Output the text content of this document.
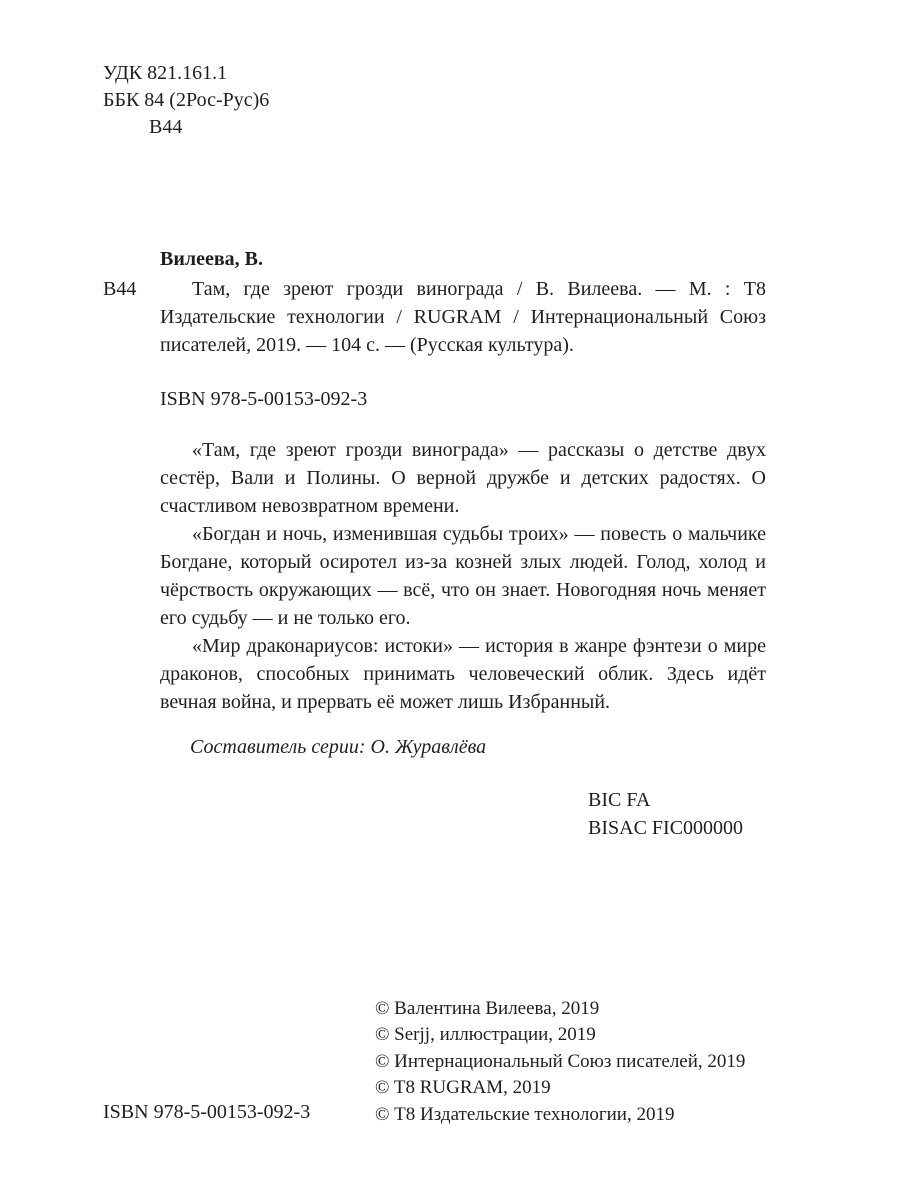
УДК 821.161.1
ББК 84 (2Рос-Рус)6
В44
Вилеева, В.
В44	Там, где зреют грозди винограда / В. Вилеева. — М. : Т8 Издательские технологии / RUGRAM / Интернациональный Союз писателей, 2019. — 104 с. — (Русская культура).
ISBN 978-5-00153-092-3

«Там, где зреют грозди винограда» — рассказы о детстве двух сестёр, Вали и Полины. О верной дружбе и детских радостях. О счастливом невозвратном времени.

«Богдан и ночь, изменившая судьбы троих» — повесть о мальчике Богдане, который осиротел из-за козней злых людей. Голод, холод и чёрствость окружающих — всё, что он знает. Новогодняя ночь меняет его судьбу — и не только его.

«Мир драконариусов: истоки» — история в жанре фэнтези о мире драконов, способных принимать человеческий облик. Здесь идёт вечная война, и прервать её может лишь Избранный.

Составитель серии: О. Журавлёва
BIC FA
BISAC FIC000000
© Валентина Вилеева, 2019
© Serjj, иллюстрации, 2019
© Интернациональный Союз писателей, 2019
© T8 RUGRAM, 2019
© Т8 Издательские технологии, 2019
ISBN 978-5-00153-092-3
